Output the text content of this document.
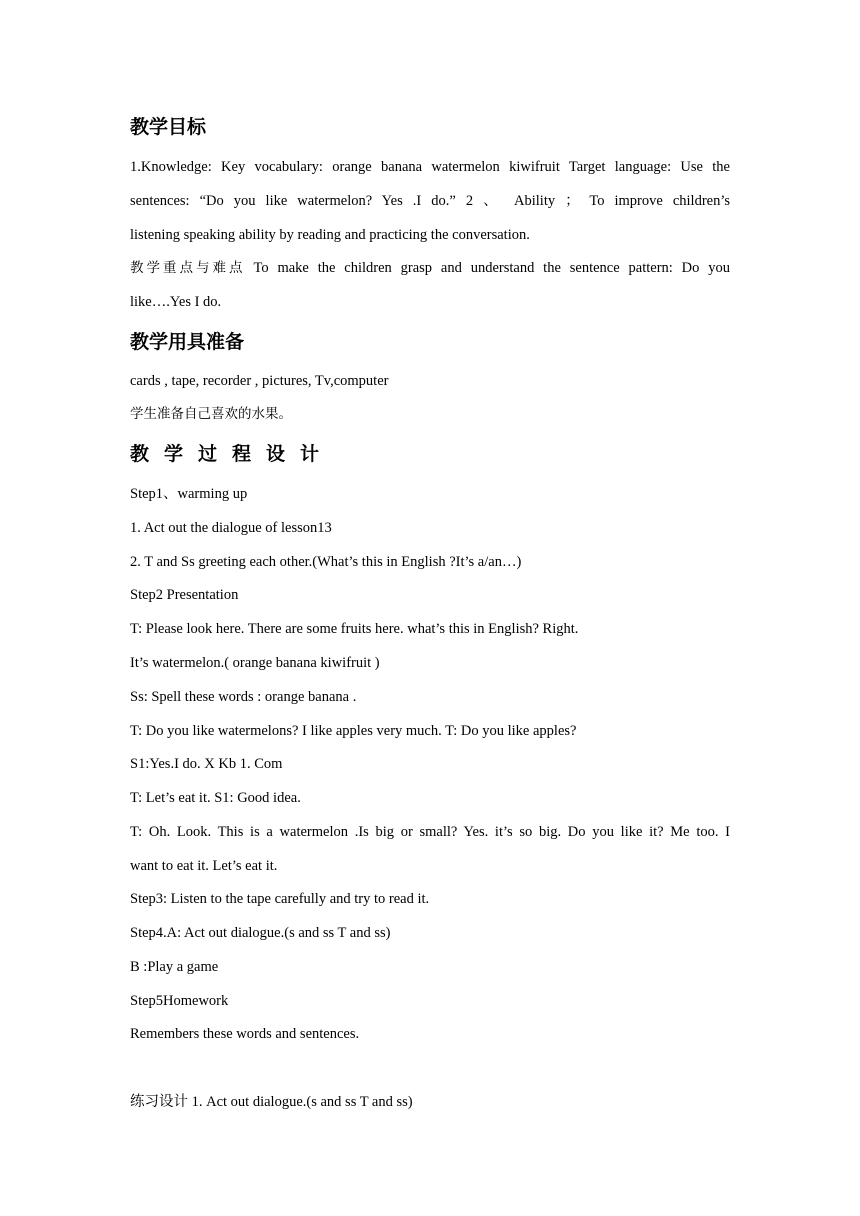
教学目标

1.Knowledge: Key vocabulary: orange banana watermelon kiwifruit Target language: Use the

sentences: “Do you like watermelon? Yes .I do.” 2 、 Ability ； To improve children’s

listening speaking ability by reading and practicing the conversation.

教学重点与难点 To make the children grasp and understand the sentence pattern: Do you

like….Yes I do.

教学用具准备

cards , tape, recorder , pictures, Tv,computer

学生准备自己喜欢的水果。

教学过程设计

Step1、warming up

1. Act out the dialogue of lesson13

2. T and Ss greeting each other.(What’s this in English ?It’s a/an…)

Step2 Presentation

T: Please look here. There are some fruits here. what’s this in English? Right.

It’s watermelon.( orange banana kiwifruit )

Ss: Spell these words : orange banana .

T: Do you like watermelons? I like apples very much. T: Do you like apples?

S1:Yes.I do. X Kb 1. Com

T: Let’s eat it. S1: Good idea.

T: Oh. Look. This is a watermelon .Is big or small? Yes. it’s so big. Do you like it? Me too. I

want to eat it. Let’s eat it.

Step3: Listen to the tape carefully and try to read it.

Step4.A: Act out dialogue.(s and ss T and ss)

B :Play a game

Step5Homework

Remembers these words and sentences.

练习设计 1. Act out dialogue.(s and ss T and ss)
